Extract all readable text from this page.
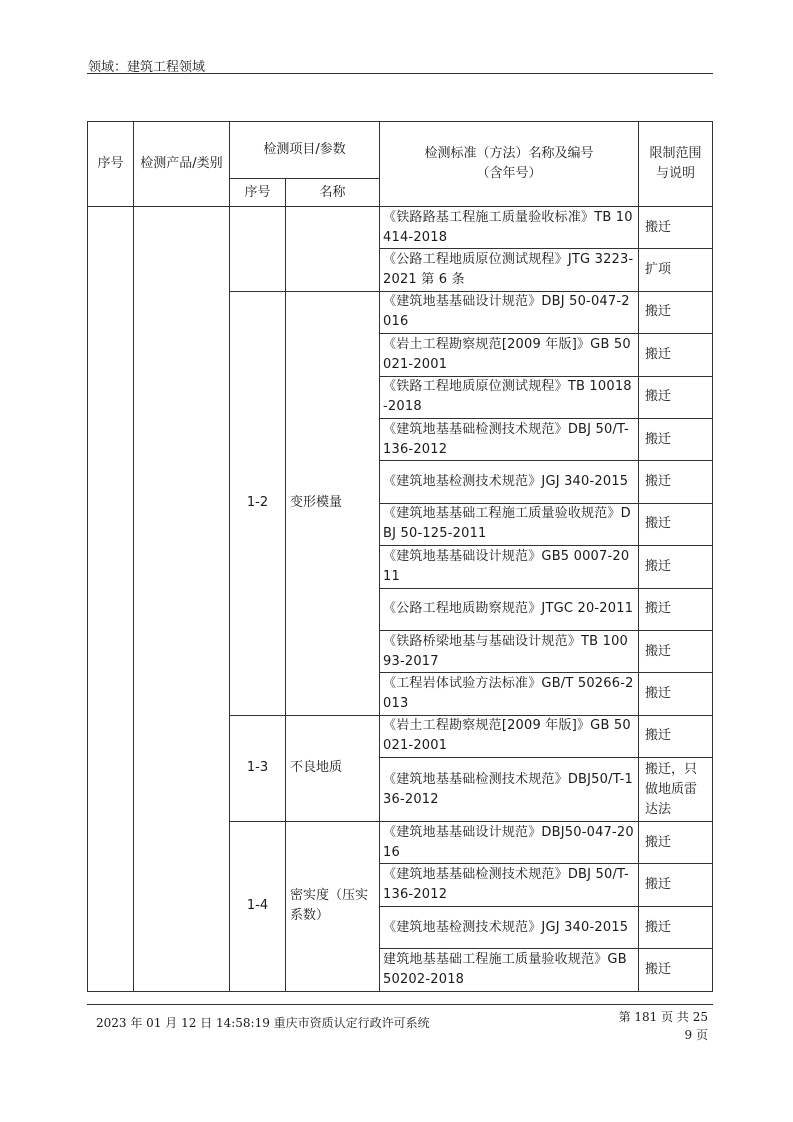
领域：建筑工程领域
序号	检测产品/类别	检测项目/参数		检测标准（方法）名称及编号（含年号）	限制范围与说明
		序号	名称		
				《铁路路基工程施工质量验收标准》TB 10414-2018	搬迁
				《公路工程地质原位测试规程》JTG 3223-2021 第 6 条	扩项
		1-2	变形模量	《建筑地基基础设计规范》DBJ 50-047-2016	搬迁
				《岩土工程勘察规范[2009 年版]》GB 50021-2001	搬迁
				《铁路工程地质原位测试规程》TB 10018-2018	搬迁
				《建筑地基基础检测技术规范》DBJ 50/T-136-2012	搬迁
				《建筑地基检测技术规范》JGJ 340-2015	搬迁
				《建筑地基基础工程施工质量验收规范》DBJ 50-125-2011	搬迁
				《建筑地基基础设计规范》GB5 0007-2011	搬迁
				《公路工程地质勘察规范》JTGC 20-2011	搬迁
				《铁路桥梁地基与基础设计规范》TB 10093-2017	搬迁
				《工程岩体试验方法标准》GB/T 50266-2013	搬迁
		1-3	不良地质	《岩土工程勘察规范[2009 年版]》GB 50021-2001	搬迁
				《建筑地基基础检测技术规范》DBJ50/T-136-2012	搬迁，只做地质雷达法
		1-4	密实度（压实系数）	《建筑地基基础设计规范》DBJ50-047-2016	搬迁
				《建筑地基基础检测技术规范》DBJ 50/T-136-2012	搬迁
				《建筑地基检测技术规范》JGJ 340-2015	搬迁
				建筑地基基础工程施工质量验收规范》GB 50202-2018	搬迁
2023 年 01 月 12 日 14:58:19 重庆市资质认定行政许可系统	第 181 页 共 259 页
